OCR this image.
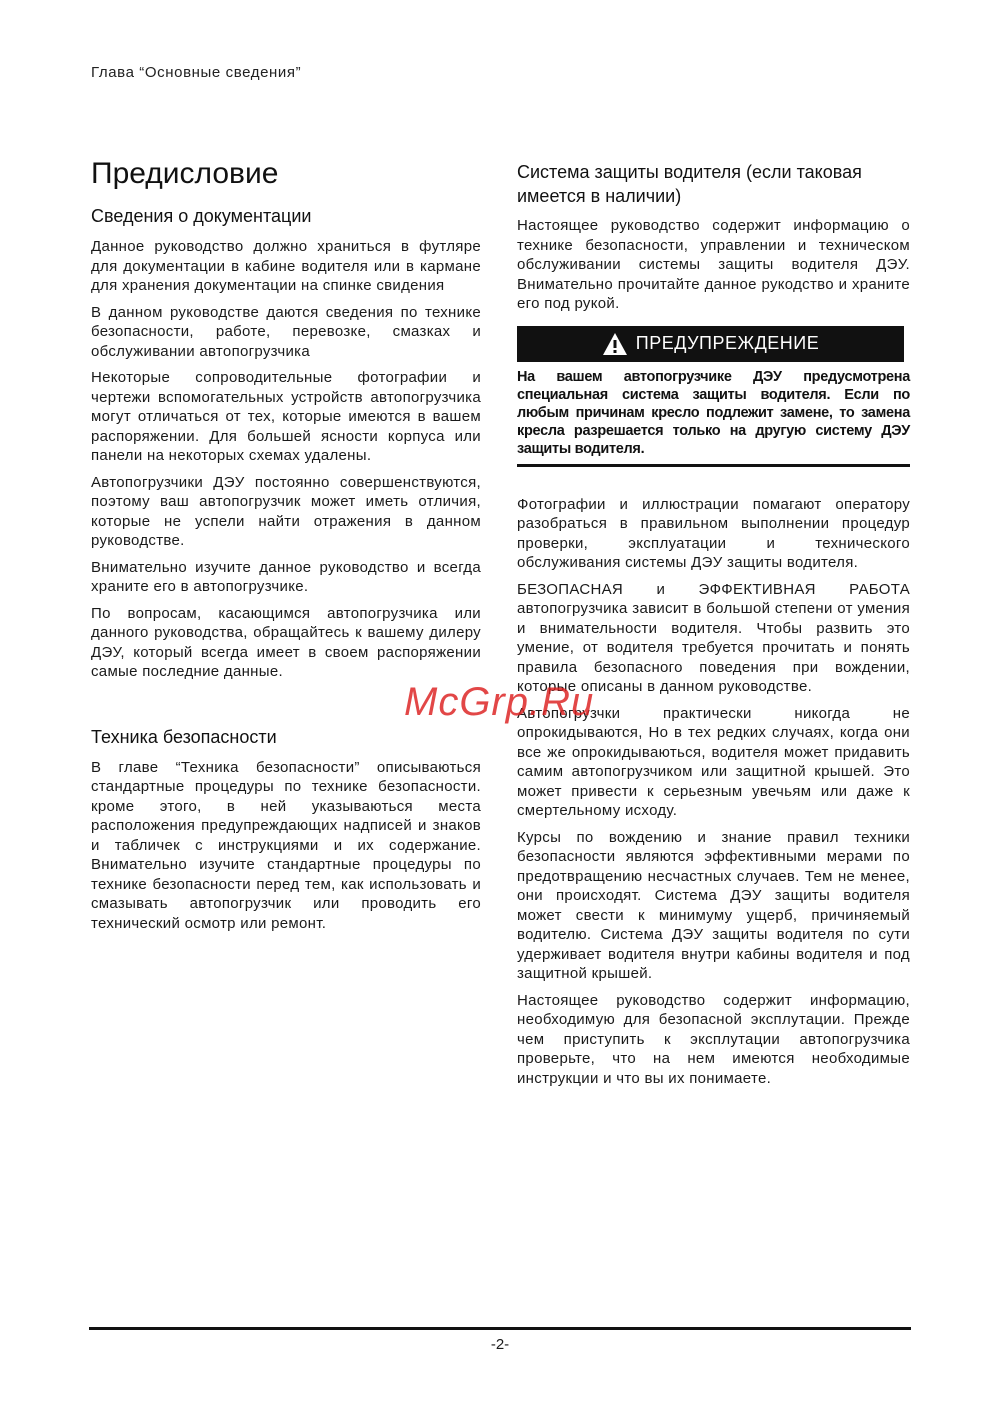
Глава “Основные сведения”
Предисловие
Сведения о документации

Данное руководство должно храниться в футляре для документации в кабине водителя или в кармане для хранения документации на спинке свидения

В данном руководстве даются сведения по технике безопасности, работе, перевозке, смазках и обслуживании автопогрузчика

Некоторые сопроводительные фотографии и чертежи вспомогательных устройств автопогрузчика могут отличаться от тех, которые имеются в вашем распоряжении. Для большей ясности корпуса или панели на некоторых схемах удалены.

Автопогрузчики ДЭУ постоянно совершенствуются, поэтому ваш автопогрузчик может иметь отличия, которые не успели найти отражения в данном руководстве.

Внимательно изучите данное руководство и всегда храните его в автопогрузчике.

По вопросам, касающимся автопогрузчика или данного руководства, обращайтесь к вашему дилеру ДЭУ, который всегда имеет в своем распоряжении самые последние данные.

Техника безопасности

В главе “Техника безопасности” описываються стандартные процедуры по технике безопасности. кроме этого, в ней указываються места расположения предупреждающих надписей и знаков и табличек с инструкциями и их содержание. Внимательно изучите стандартные процедуры по технике безопасности перед тем, как использовать и смазывать автопогрузчик или проводить его технический осмотр или ремонт.

Система защиты водителя (если таковая имеется в наличии)

Настоящее руководство содержит информацию о технике безопасности, управлении и техническом обслуживании системы защиты водителя ДЭУ. Внимательно прочитайте данное рукодство и храните его под рукой.

ПРЕДУПРЕЖДЕНИЕ

На вашем автопогрузчике ДЭУ предусмотрена специальная система защиты водителя. Если по любым причинам кресло подлежит замене, то замена кресла разрешается только на другую систему ДЭУ защиты водителя.

Фотографии и иллюстрации помагают оператору разобраться в правильном выполнении процедур проверки, эксплуатации и технического обслуживания системы ДЭУ защиты водителя.

БЕЗОПАСНАЯ и ЭФФЕКТИВНАЯ РАБОТА автопогрузчика зависит в большой степени от умения и внимательности водителя. Чтобы развить это умение, от водителя требуется прочитать и понять правила безопасного поведения при вождении, которые описаны в данном руководстве.

Автопогрузчки практически никогда не опрокидываются, Но в тех редких случаях, когда они все же опрокидываються, водителя может придавить самим автопогрузчиком или защитной крышей. Это может привести к серьезным увечьям или даже к смертельному исходу.

Курсы по вождению и знание правил техники безопасности являются эффективными мерами по предотвращению несчастных случаев. Тем не менее, они происходят. Система ДЭУ защиты водителя может свести к минимуму ущерб, причиняемый водителю. Система ДЭУ защиты водителя по сути удерживает водителя внутри кабины водителя и под защитной крышей.

Настоящее руководство содержит информацию, необходимую для безопасной эксплутации. Прежде чем приступить к эксплутации автопогрузчика проверьте, что на нем имеются необходимые инструкции и что вы их понимаете.

McGrp.Ru
-2-
